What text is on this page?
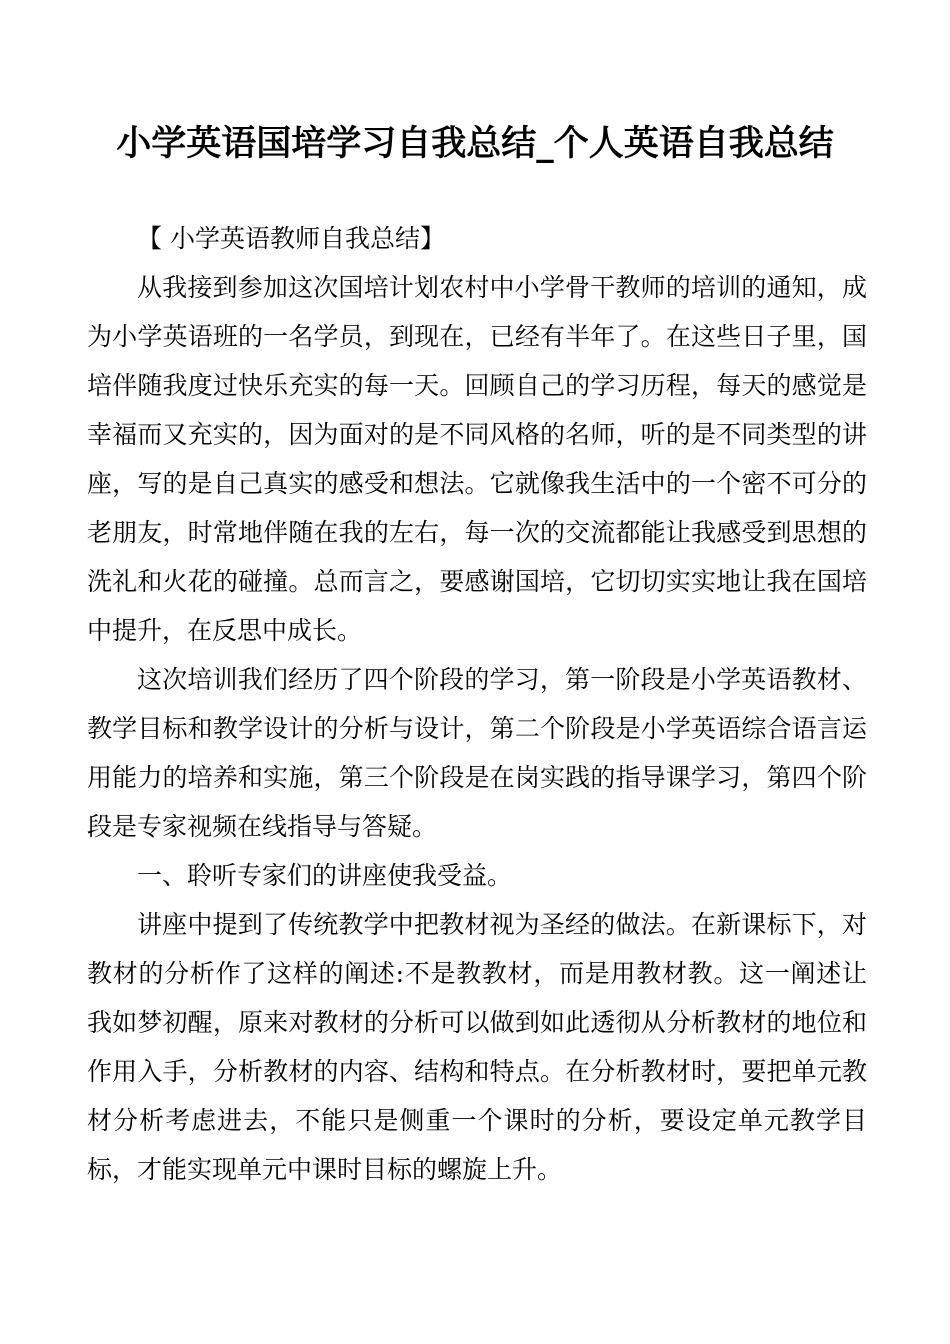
小学英语国培学习自我总结_个人英语自我总结

【 小学英语教师自我总结】

从我接到参加这次国培计划农村中小学骨干教师的培训的通知，成为小学英语班的一名学员，到现在，已经有半年了。在这些日子里，国培伴随我度过快乐充实的每一天。回顾自己的学习历程，每天的感觉是幸福而又充实的，因为面对的是不同风格的名师，听的是不同类型的讲座，写的是自己真实的感受和想法。它就像我生活中的一个密不可分的老朋友，时常地伴随在我的左右，每一次的交流都能让我感受到思想的洗礼和火花的碰撞。总而言之，要感谢国培，它切切实实地让我在国培中提升，在反思中成长。

这次培训我们经历了四个阶段的学习，第一阶段是小学英语教材、教学目标和教学设计的分析与设计，第二个阶段是小学英语综合语言运用能力的培养和实施，第三个阶段是在岗实践的指导课学习，第四个阶段是专家视频在线指导与答疑。

一、聆听专家们的讲座使我受益。

讲座中提到了传统教学中把教材视为圣经的做法。在新课标下，对教材的分析作了这样的阐述:不是教教材，而是用教材教。这一阐述让我如梦初醒，原来对教材的分析可以做到如此透彻从分析教材的地位和作用入手，分析教材的内容、结构和特点。在分析教材时，要把单元教材分析考虑进去，不能只是侧重一个课时的分析，要设定单元教学目标，才能实现单元中课时目标的螺旋上升。
